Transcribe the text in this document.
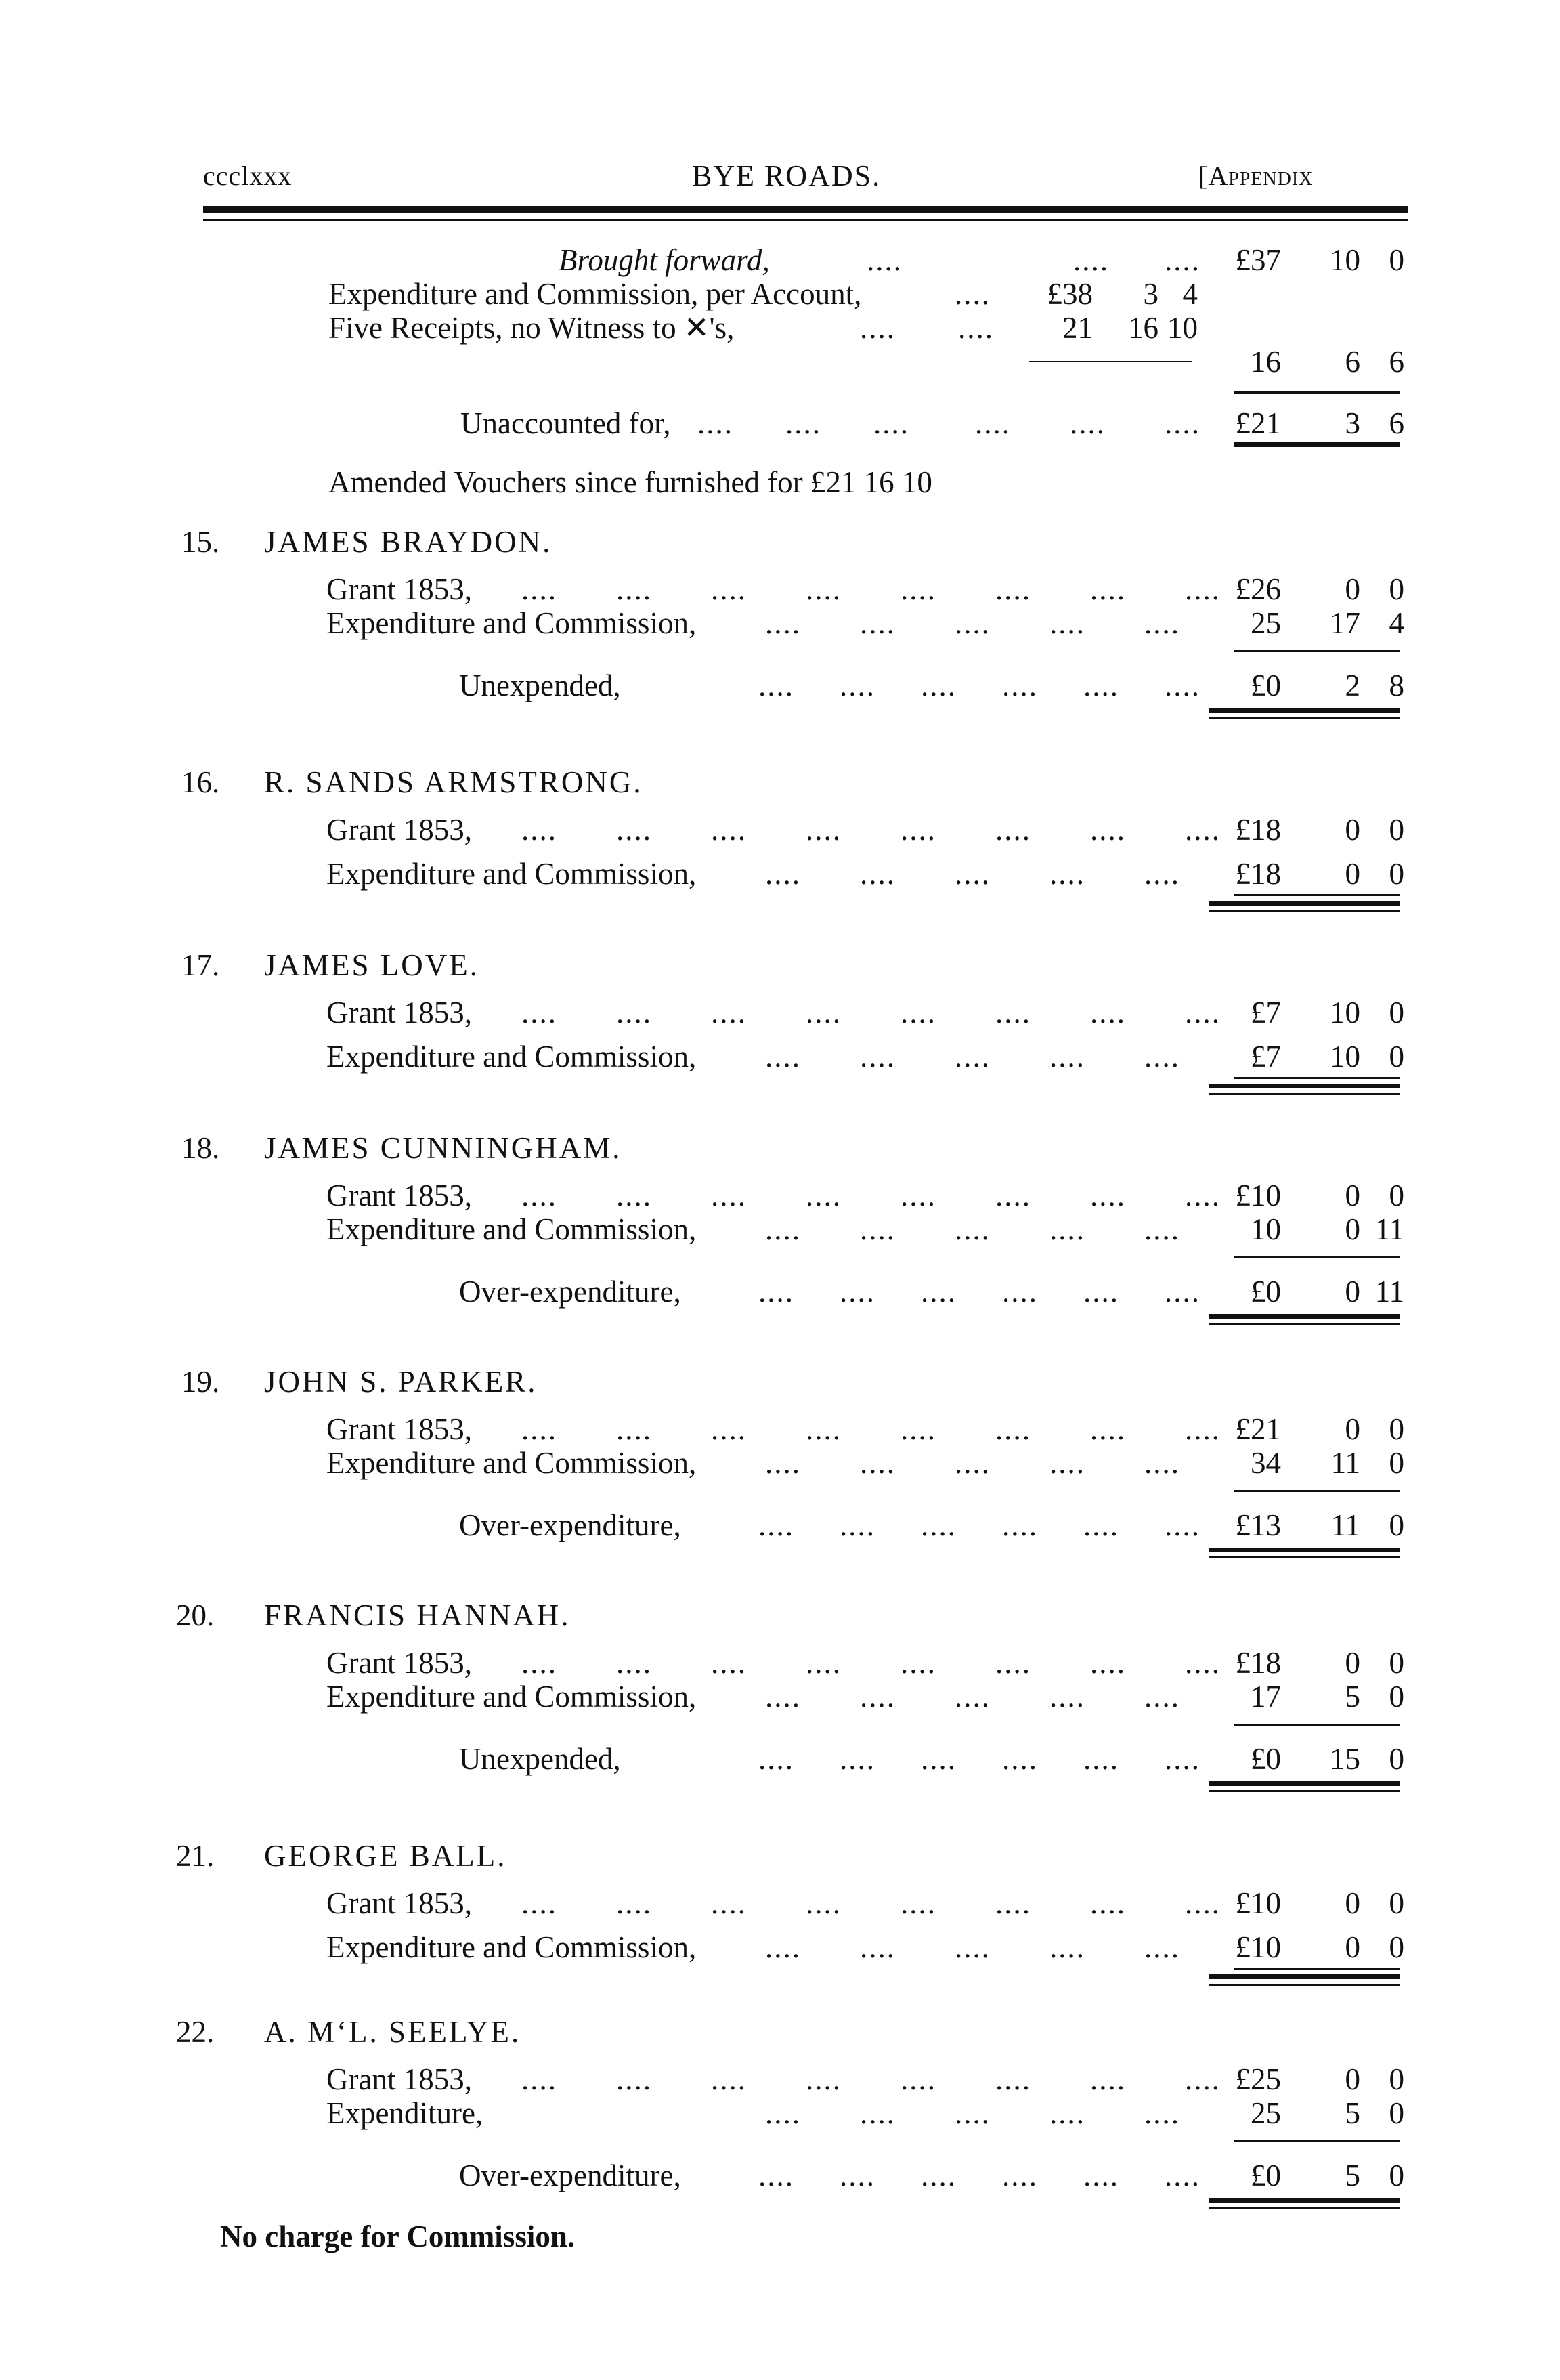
ccclxxx	BYE ROADS.	[Appendix
Brought forward,	....	.... .... £37	10 0
Expenditure and Commission, per Account,	.... £38	3 4
Five Receipts, no Witness to ✕'s,	.... .... 21	16 10
16	6 6
Unaccounted for, .... .... .... .... .... .... £21	3 6
Amended Vouchers since furnished for £21 16 10
15. JAMES BRAYDON.
Grant 1853, .... .... .... .... .... .... .... .... £26	0 0
Expenditure and Commission, .... .... .... .... .... 25	17 4
Unexpended,	.... .... .... .... .... .... £0	2 8
16. R. SANDS ARMSTRONG.
Grant 1853, .... .... .... .... .... .... .... .... £18	0 0
Expenditure and Commission, .... .... .... .... .... £18	0 0
17. JAMES LOVE.
Grant 1853, .... .... .... .... .... .... .... .... £7	10 0
Expenditure and Commission, .... .... .... .... .... £7	10 0
18. JAMES CUNNINGHAM.
Grant 1853, .... .... .... .... .... .... .... .... £10	0 0
Expenditure and Commission, .... .... .... .... .... 10	0 11
Over-expenditure,	.... .... .... .... .... .... £0	0 11
19. JOHN S. PARKER.
Grant 1853, .... .... .... .... .... .... .... .... £21	0 0
Expenditure and Commission, .... .... .... .... .... 34	11 0
Over-expenditure,	.... .... .... .... .... .... £13	11 0
20. FRANCIS HANNAH.
Grant 1853, .... .... .... .... .... .... .... .... £18	0 0
Expenditure and Commission, .... .... .... .... .... 17	5 0
Unexpended,	.... .... .... .... .... .... £0	15 0
21. GEORGE BALL.
Grant 1853, .... .... .... .... .... .... .... .... £10	0 0
Expenditure and Commission, .... .... .... .... .... £10	0 0
22. A. M‘L. SEELYE.
Grant 1853, .... .... .... .... .... .... .... .... £25	0 0
Expenditure,	.... .... .... .... .... 25	5 0
Over-expenditure,	.... .... .... .... .... .... £0	5 0
No charge for Commission.
